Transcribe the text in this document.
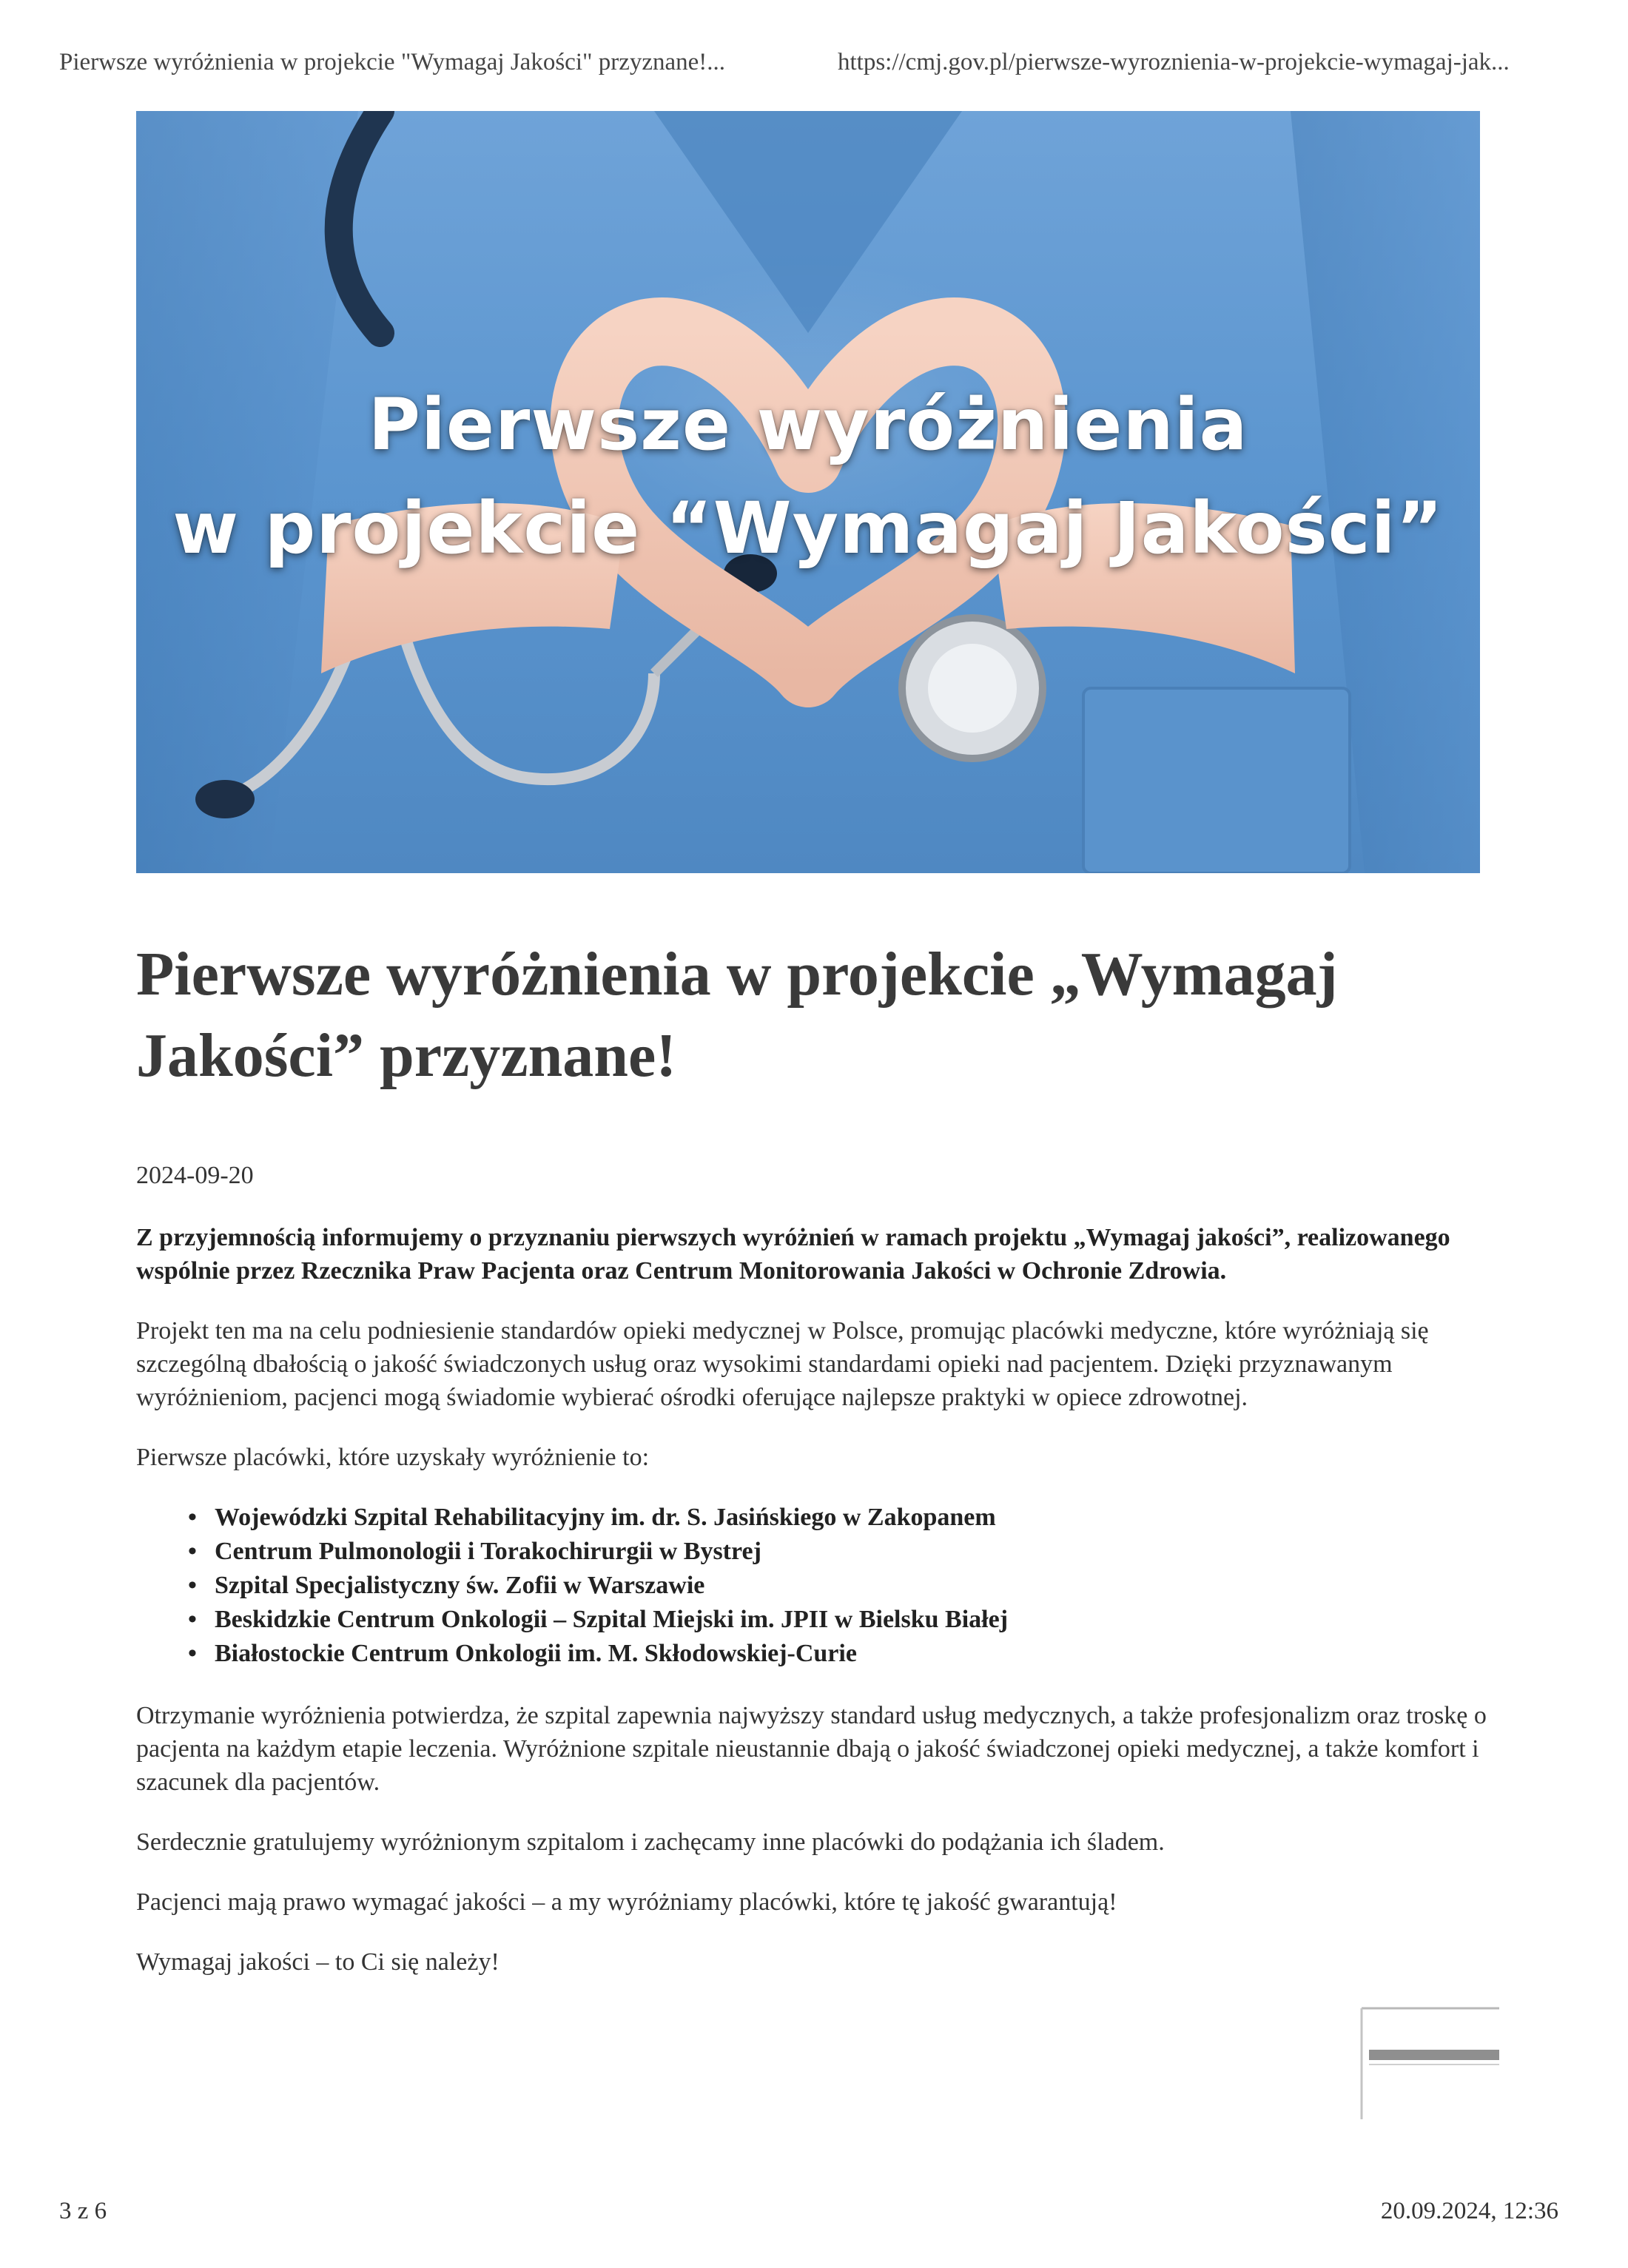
Pierwsze wyróżnienia w projekcie "Wymagaj Jakości" przyznane!...	https://cmj.gov.pl/pierwsze-wyroznienia-w-projekcie-wymagaj-jak...
Pierwsze wyróżnienia
w projekcie “Wymagaj Jakości”
Pierwsze wyróżnienia w projekcie „Wymagaj Jakości” przyznane!
2024-09-20

Z przyjemnością informujemy o przyznaniu pierwszych wyróżnień w ramach projektu „Wymagaj jakości”, realizowanego wspólnie przez Rzecznika Praw Pacjenta oraz Centrum Monitorowania Jakości w Ochronie Zdrowia.

Projekt ten ma na celu podniesienie standardów opieki medycznej w Polsce, promując placówki medyczne, które wyróżniają się szczególną dbałością o jakość świadczonych usług oraz wysokimi standardami opieki nad pacjentem. Dzięki przyznawanym wyróżnieniom, pacjenci mogą świadomie wybierać ośrodki oferujące najlepsze praktyki w opiece zdrowotnej.

Pierwsze placówki, które uzyskały wyróżnienie to:

• Wojewódzki Szpital Rehabilitacyjny im. dr. S. Jasińskiego w Zakopanem
• Centrum Pulmonologii i Torakochirurgii w Bystrej
• Szpital Specjalistyczny św. Zofii w Warszawie
• Beskidzkie Centrum Onkologii – Szpital Miejski im. JPII w Bielsku Białej
• Białostockie Centrum Onkologii im. M. Skłodowskiej-Curie

Otrzymanie wyróżnienia potwierdza, że szpital zapewnia najwyższy standard usług medycznych, a także profesjonalizm oraz troskę o pacjenta na każdym etapie leczenia. Wyróżnione szpitale nieustannie dbają o jakość świadczonej opieki medycznej, a także komfort i szacunek dla pacjentów.

Serdecznie gratulujemy wyróżnionym szpitalom i zachęcamy inne placówki do podążania ich śladem.

Pacjenci mają prawo wymagać jakości – a my wyróżniamy placówki, które tę jakość gwarantują!

Wymagaj jakości – to Ci się należy!

3 z 6	20.09.2024, 12:36
